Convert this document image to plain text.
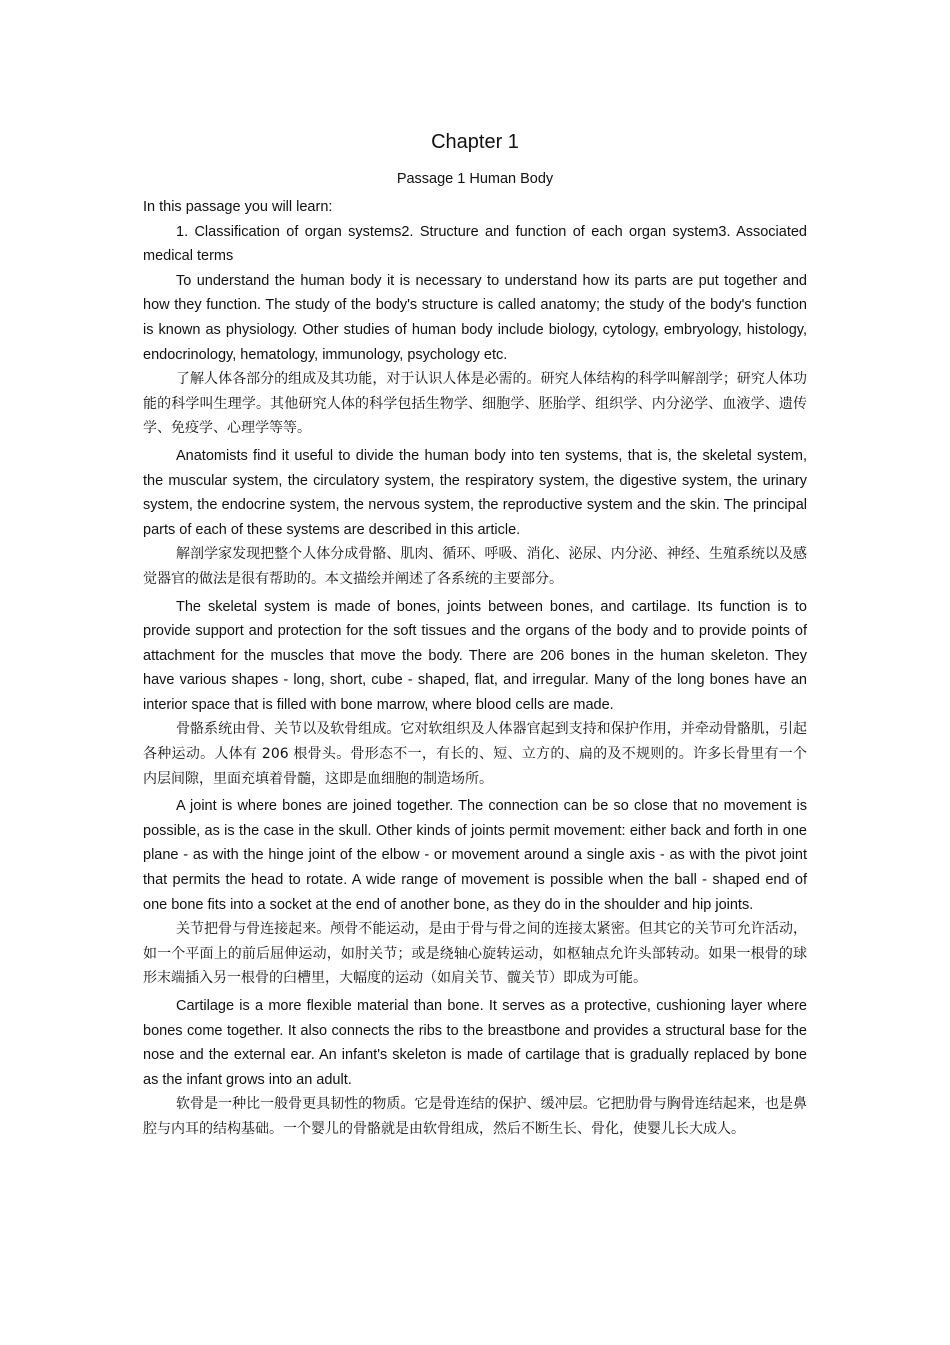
Chapter 1
Passage 1 Human Body

In this passage you will learn:

1. Classification of organ systems2. Structure and function of each organ system3. Associated medical terms

To understand the human body it is necessary to understand how its parts are put together and how they function. The study of the body's structure is called anatomy; the study of the body's function is known as physiology. Other studies of human body include biology, cytology, embryology, histology, endocrinology, hematology, immunology, psychology etc.

了解人体各部分的组成及其功能，对于认识人体是必需的。研究人体结构的科学叫解剖学；研究人体功能的科学叫生理学。其他研究人体的科学包括生物学、细胞学、胚胎学、组织学、内分泌学、血液学、遗传学、免疫学、心理学等等。

Anatomists find it useful to divide the human body into ten systems, that is, the skeletal system, the muscular system, the circulatory system, the respiratory system, the digestive system, the urinary system, the endocrine system, the nervous system, the reproductive system and the skin. The principal parts of each of these systems are described in this article.

解剖学家发现把整个人体分成骨骼、肌肉、循环、呼吸、消化、泌尿、内分泌、神经、生殖系统以及感觉器官的做法是很有帮助的。本文描绘并阐述了各系统的主要部分。

The skeletal system is made of bones, joints between bones, and cartilage. Its function is to provide support and protection for the soft tissues and the organs of the body and to provide points of attachment for the muscles that move the body. There are 206 bones in the human skeleton. They have various shapes - long, short, cube - shaped, flat, and irregular. Many of the long bones have an interior space that is filled with bone marrow, where blood cells are made.

骨骼系统由骨、关节以及软骨组成。它对软组织及人体器官起到支持和保护作用，并牵动骨骼肌，引起各种运动。人体有 206 根骨头。骨形态不一，有长的、短、立方的、扁的及不规则的。许多长骨里有一个内层间隙，里面充填着骨髓，这即是血细胞的制造场所。

A joint is where bones are joined together. The connection can be so close that no movement is possible, as is the case in the skull. Other kinds of joints permit movement: either back and forth in one plane - as with the hinge joint of the elbow - or movement around a single axis - as with the pivot joint that permits the head to rotate. A wide range of movement is possible when the ball - shaped end of one bone fits into a socket at the end of another bone, as they do in the shoulder and hip joints.

关节把骨与骨连接起来。颅骨不能运动，是由于骨与骨之间的连接太紧密。但其它的关节可允许活动，如一个平面上的前后屈伸运动，如肘关节；或是绕轴心旋转运动，如枢轴点允许头部转动。如果一根骨的球形末端插入另一根骨的臼槽里，大幅度的运动（如肩关节、髋关节）即成为可能。

Cartilage is a more flexible material than bone. It serves as a protective, cushioning layer where bones come together. It also connects the ribs to the breastbone and provides a structural base for the nose and the external ear. An infant's skeleton is made of cartilage that is gradually replaced by bone as the infant grows into an adult.

软骨是一种比一般骨更具韧性的物质。它是骨连结的保护、缓冲层。它把肋骨与胸骨连结起来，也是鼻腔与内耳的结构基础。一个婴儿的骨骼就是由软骨组成，然后不断生长、骨化，使婴儿长大成人。
